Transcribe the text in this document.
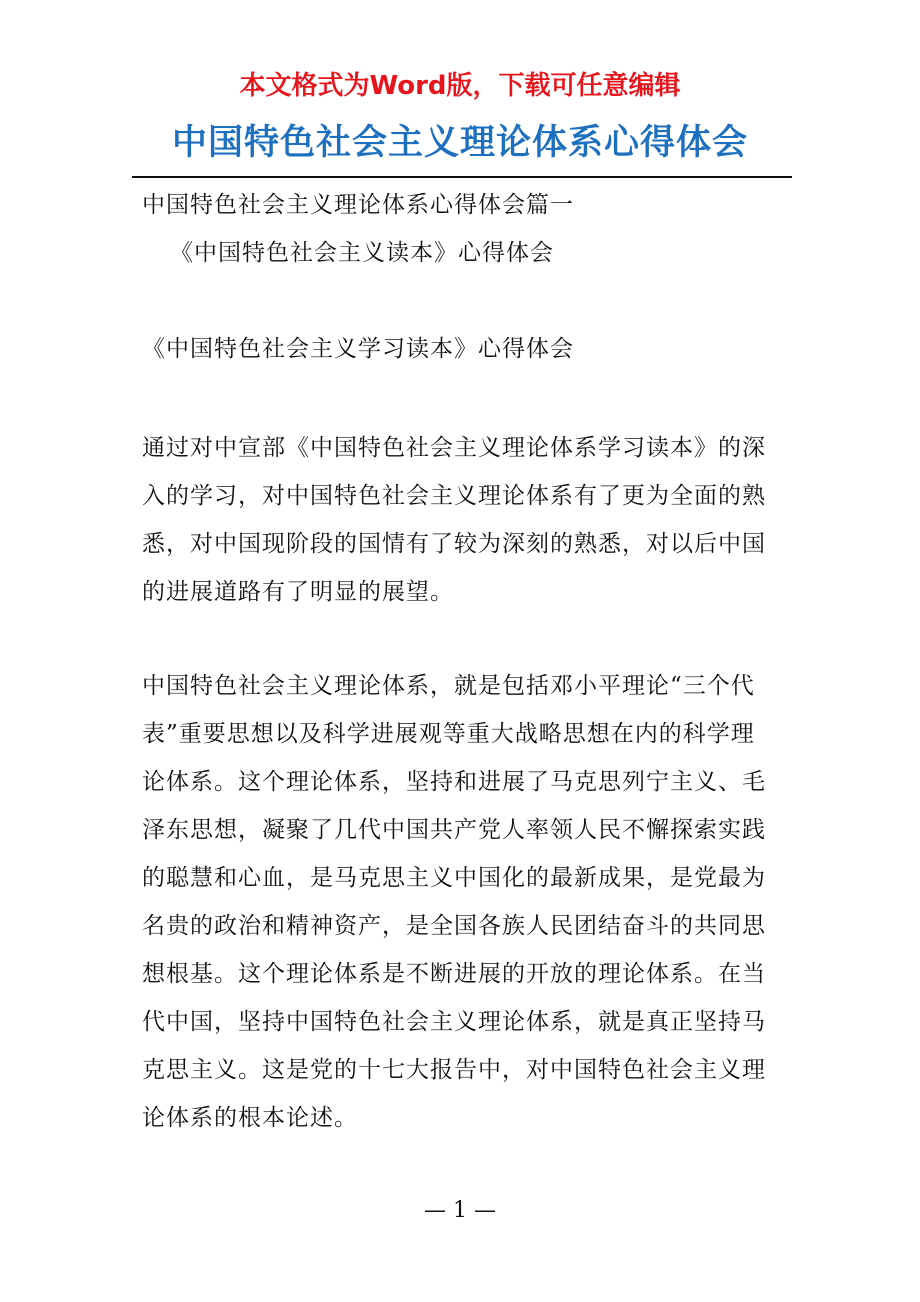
本文格式为Word版，下载可任意编辑
中国特色社会主义理论体系心得体会
中国特色社会主义理论体系心得体会篇一
《中国特色社会主义读本》心得体会
《中国特色社会主义学习读本》心得体会
通过对中宣部《中国特色社会主义理论体系学习读本》的深
入的学习，对中国特色社会主义理论体系有了更为全面的熟
悉，对中国现阶段的国情有了较为深刻的熟悉，对以后中国
的进展道路有了明显的展望。
中国特色社会主义理论体系，就是包括邓小平理论“三个代
表”重要思想以及科学进展观等重大战略思想在内的科学理
论体系。这个理论体系，坚持和进展了马克思列宁主义、毛
泽东思想，凝聚了几代中国共产党人率领人民不懈探索实践
的聪慧和心血，是马克思主义中国化的最新成果，是党最为
名贵的政治和精神资产，是全国各族人民团结奋斗的共同思
想根基。这个理论体系是不断进展的开放的理论体系。在当
代中国，坚持中国特色社会主义理论体系，就是真正坚持马
克思主义。这是党的十七大报告中，对中国特色社会主义理
论体系的根本论述。
— 1 —
